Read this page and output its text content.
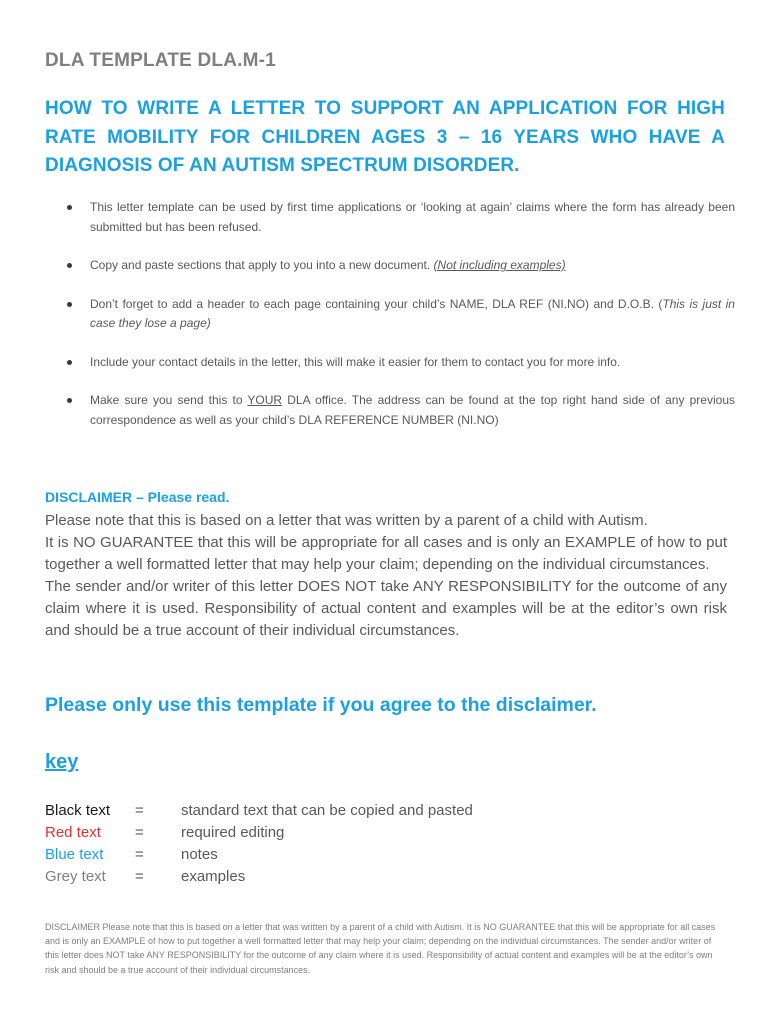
DLA TEMPLATE DLA.M-1
HOW TO WRITE A LETTER TO SUPPORT AN APPLICATION FOR HIGH RATE MOBILITY FOR CHILDREN AGES 3 – 16 YEARS WHO HAVE A DIAGNOSIS OF AN AUTISM SPECTRUM DISORDER.
This letter template can be used by first time applications or ‘looking at again’ claims where the form has already been submitted but has been refused.
Copy and paste sections that apply to you into a new document. (Not including examples)
Don’t forget to add a header to each page containing your child’s NAME, DLA REF (NI.NO) and D.O.B. (This is just in case they lose a page)
Include your contact details in the letter, this will make it easier for them to contact you for more info.
Make sure you send this to YOUR DLA office. The address can be found at the top right hand side of any previous correspondence as well as your child’s DLA REFERENCE NUMBER (NI.NO)
DISCLAIMER – Please read.

Please note that this is based on a letter that was written by a parent of a child with Autism.

It is NO GUARANTEE that this will be appropriate for all cases and is only an EXAMPLE of how to put together a well formatted letter that may help your claim; depending on the individual circumstances.

The sender and/or writer of this letter DOES NOT take ANY RESPONSIBILITY for the outcome of any claim where it is used. Responsibility of actual content and examples will be at the editor’s own risk and should be a true account of their individual circumstances.

Please only use this template if you agree to the disclaimer.
key
Black text	=	standard text that can be copied and pasted
Red text	=	required editing
Blue text	=	notes
Grey text	=	examples
DISCLAIMER Please note that this is based on a letter that was written by a parent of a child with Autism. It is NO GUARANTEE that this will be appropriate for all cases and is only an EXAMPLE of how to put together a well formatted letter that may help your claim; depending on the individual circumstances. The sender and/or writer of this letter does NOT take ANY RESPONSIBILITY for the outcome of any claim where it is used. Responsibility of actual content and examples will be at the editor’s own risk and should be a true account of their individual circumstances.
